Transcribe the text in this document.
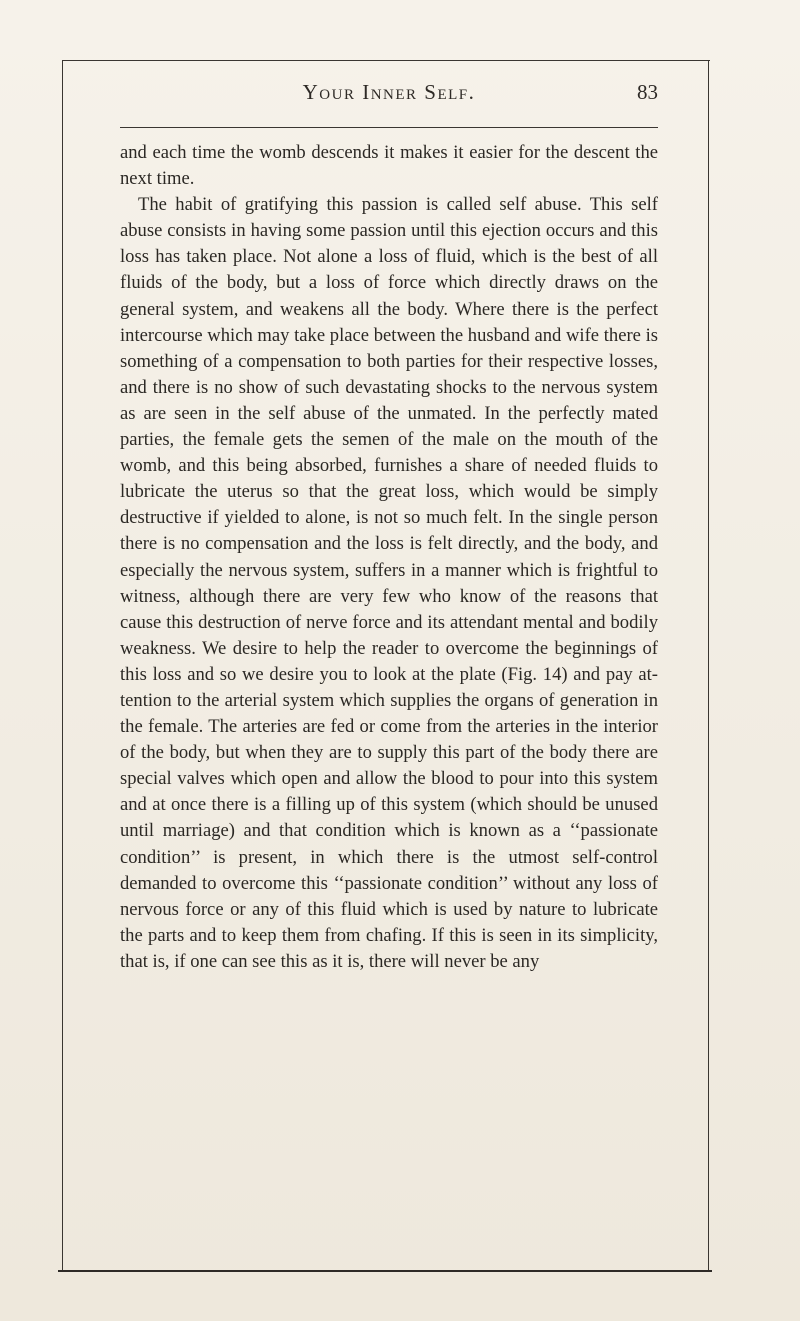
Your Inner Self.	83

and each time the womb descends it makes it easier for the descent the next time.

The habit of gratifying this passion is called self abuse. This self abuse consists in having some passion until this ejection occurs and this loss has taken place. Not alone a loss of fluid, which is the best of all fluids of the body, but a loss of force which directly draws on the general system, and weakens all the body. Where there is the perfect intercourse which may take place between the husband and wife there is something of a compensation to both parties for their respective losses, and there is no show of such devastating shocks to the nervous system as are seen in the self abuse of the unmated. In the perfectly mated parties, the female gets the semen of the male on the mouth of the womb, and this being absorbed, furnishes a share of needed fluids to lubricate the uterus so that the great loss, which would be simply destructive if yielded to alone, is not so much felt. In the single person there is no compensation and the loss is felt directly, and the body, and especially the nervous system, suffers in a manner which is frightful to witness, although there are very few who know of the reasons that cause this destruction of nerve force and its attendant mental and bodily weakness. We desire to help the reader to overcome the beginnings of this loss and so we desire you to look at the plate (Fig. 14) and pay attention to the arterial system which supplies the organs of generation in the female. The arteries are fed or come from the arteries in the interior of the body, but when they are to supply this part of the body there are special valves which open and allow the blood to pour into this system and at once there is a filling up of this system (which should be unused until marriage) and that condition which is known as a ‘‘passionate condition’’ is present, in which there is the utmost self-control demanded to overcome this ‘‘passionate condition’’ without any loss of nervous force or any of this fluid which is used by nature to lubricate the parts and to keep them from chafing. If this is seen in its simplicity, that is, if one can see this as it is, there will never be any
